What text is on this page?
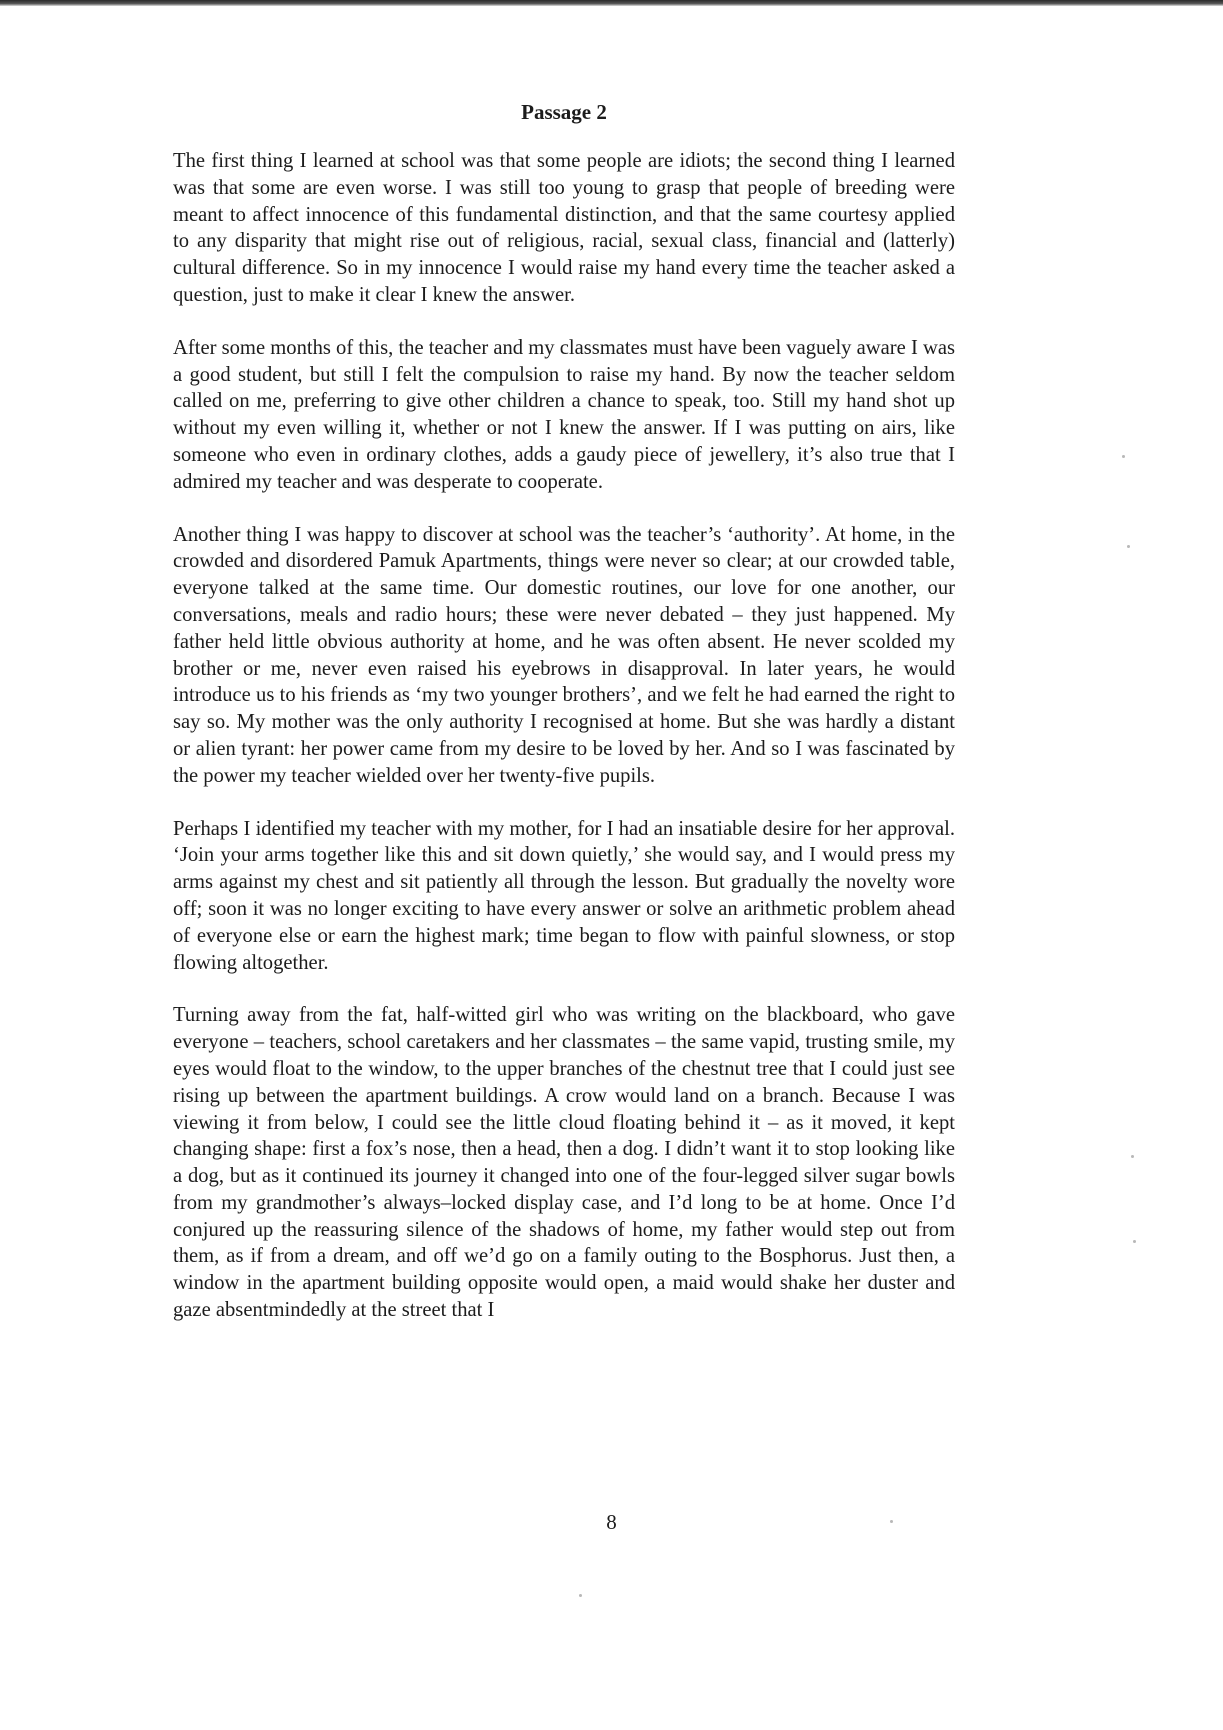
Passage 2

The first thing I learned at school was that some people are idiots; the second thing I learned was that some are even worse. I was still too young to grasp that people of breeding were meant to affect innocence of this fundamental distinction, and that the same courtesy applied to any disparity that might rise out of religious, racial, sexual class, financial and (latterly) cultural difference. So in my innocence I would raise my hand every time the teacher asked a question, just to make it clear I knew the answer.

After some months of this, the teacher and my classmates must have been vaguely aware I was a good student, but still I felt the compulsion to raise my hand. By now the teacher seldom called on me, preferring to give other children a chance to speak, too. Still my hand shot up without my even willing it, whether or not I knew the answer. If I was putting on airs, like someone who even in ordinary clothes, adds a gaudy piece of jewellery, it’s also true that I admired my teacher and was desperate to cooperate.

Another thing I was happy to discover at school was the teacher’s ‘authority’. At home, in the crowded and disordered Pamuk Apartments, things were never so clear; at our crowded table, everyone talked at the same time. Our domestic routines, our love for one another, our conversations, meals and radio hours; these were never debated – they just happened. My father held little obvious authority at home, and he was often absent. He never scolded my brother or me, never even raised his eyebrows in disapproval. In later years, he would introduce us to his friends as ‘my two younger brothers’, and we felt he had earned the right to say so. My mother was the only authority I recognised at home. But she was hardly a distant or alien tyrant: her power came from my desire to be loved by her. And so I was fascinated by the power my teacher wielded over her twenty-five pupils.

Perhaps I identified my teacher with my mother, for I had an insatiable desire for her approval. ‘Join your arms together like this and sit down quietly,’ she would say, and I would press my arms against my chest and sit patiently all through the lesson. But gradually the novelty wore off; soon it was no longer exciting to have every answer or solve an arithmetic problem ahead of everyone else or earn the highest mark; time began to flow with painful slowness, or stop flowing altogether.

Turning away from the fat, half-witted girl who was writing on the blackboard, who gave everyone – teachers, school caretakers and her classmates – the same vapid, trusting smile, my eyes would float to the window, to the upper branches of the chestnut tree that I could just see rising up between the apartment buildings. A crow would land on a branch. Because I was viewing it from below, I could see the little cloud floating behind it – as it moved, it kept changing shape: first a fox’s nose, then a head, then a dog. I didn’t want it to stop looking like a dog, but as it continued its journey it changed into one of the four-legged silver sugar bowls from my grandmother’s always–locked display case, and I’d long to be at home. Once I’d conjured up the reassuring silence of the shadows of home, my father would step out from them, as if from a dream, and off we’d go on a family outing to the Bosphorus. Just then, a window in the apartment building opposite would open, a maid would shake her duster and gaze absentmindedly at the street that I

8
